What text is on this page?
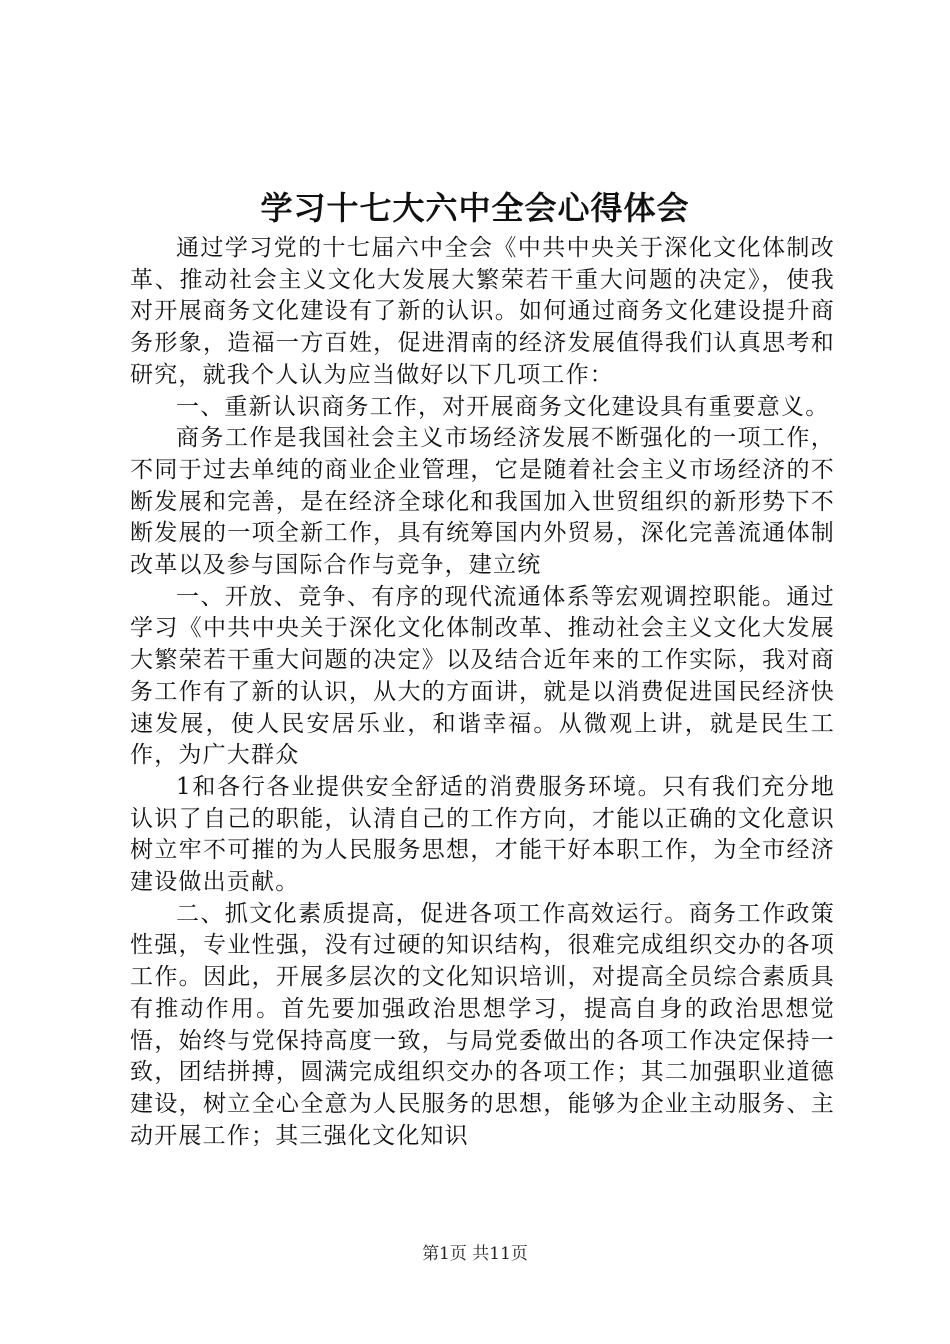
学习十七大六中全会心得体会

通过学习党的十七届六中全会《中共中央关于深化文化体制改革、推动社会主义文化大发展大繁荣若干重大问题的决定》，使我对开展商务文化建设有了新的认识。如何通过商务文化建设提升商务形象，造福一方百姓，促进渭南的经济发展值得我们认真思考和研究，就我个人认为应当做好以下几项工作：

一、重新认识商务工作，对开展商务文化建设具有重要意义。

商务工作是我国社会主义市场经济发展不断强化的一项工作，不同于过去单纯的商业企业管理，它是随着社会主义市场经济的不断发展和完善，是在经济全球化和我国加入世贸组织的新形势下不断发展的一项全新工作，具有统筹国内外贸易，深化完善流通体制改革以及参与国际合作与竞争，建立统

一、开放、竞争、有序的现代流通体系等宏观调控职能。通过学习《中共中央关于深化文化体制改革、推动社会主义文化大发展大繁荣若干重大问题的决定》以及结合近年来的工作实际，我对商务工作有了新的认识，从大的方面讲，就是以消费促进国民经济快速发展，使人民安居乐业，和谐幸福。从微观上讲，就是民生工作，为广大群众

1和各行各业提供安全舒适的消费服务环境。只有我们充分地认识了自己的职能，认清自己的工作方向，才能以正确的文化意识树立牢不可摧的为人民服务思想，才能干好本职工作，为全市经济建设做出贡献。

二、抓文化素质提高，促进各项工作高效运行。商务工作政策性强，专业性强，没有过硬的知识结构，很难完成组织交办的各项工作。因此，开展多层次的文化知识培训，对提高全员综合素质具有推动作用。首先要加强政治思想学习，提高自身的政治思想觉悟，始终与党保持高度一致，与局党委做出的各项工作决定保持一致，团结拼搏，圆满完成组织交办的各项工作；其二加强职业道德建设，树立全心全意为人民服务的思想，能够为企业主动服务、主动开展工作；其三强化文化知识

第1页 共11页
